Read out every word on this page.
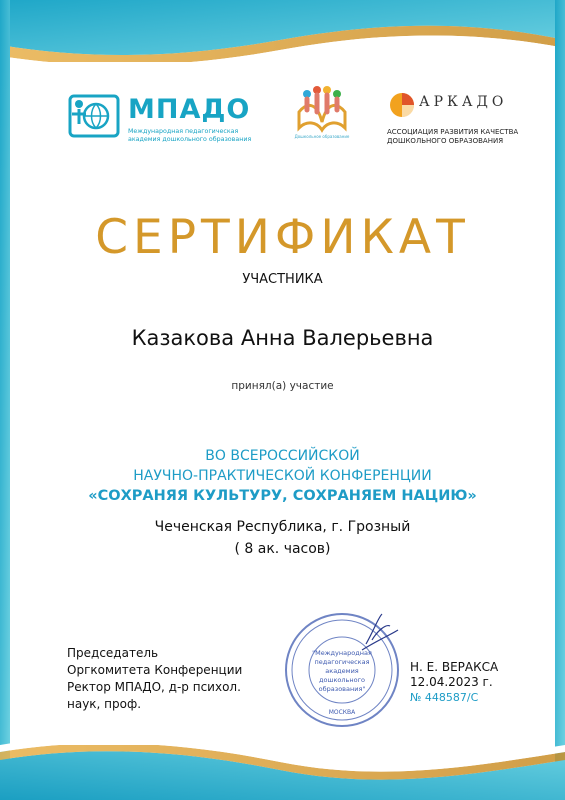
МПАДО
Международная педагогическая
академия дошкольного образования	Дошкольное образование
АРКАДО
АССОЦИАЦИЯ РАЗВИТИЯ КАЧЕСТВА
ДОШКОЛЬНОГО ОБРАЗОВАНИЯ
СЕРТИФИКАТ
УЧАСТНИКА
Казакова Анна Валерьевна
принял(а) участие
ВО ВСЕРОССИЙСКОЙ
НАУЧНО-ПРАКТИЧЕСКОЙ КОНФЕРЕНЦИИ
«СОХРАНЯЯ КУЛЬТУРУ, СОХРАНЯЕМ НАЦИЮ»
Чеченская Республика, г. Грозный
( 8 ак. часов)
Председатель
Оргкомитета Конференции
Ректор МПАДО, д-р психол.
наук, проф.
"Международная
педагогическая
академия
дошкольного
образования"
МОСКВА
Н. Е. ВЕРАКСА
12.04.2023 г.
№ 448587/С
